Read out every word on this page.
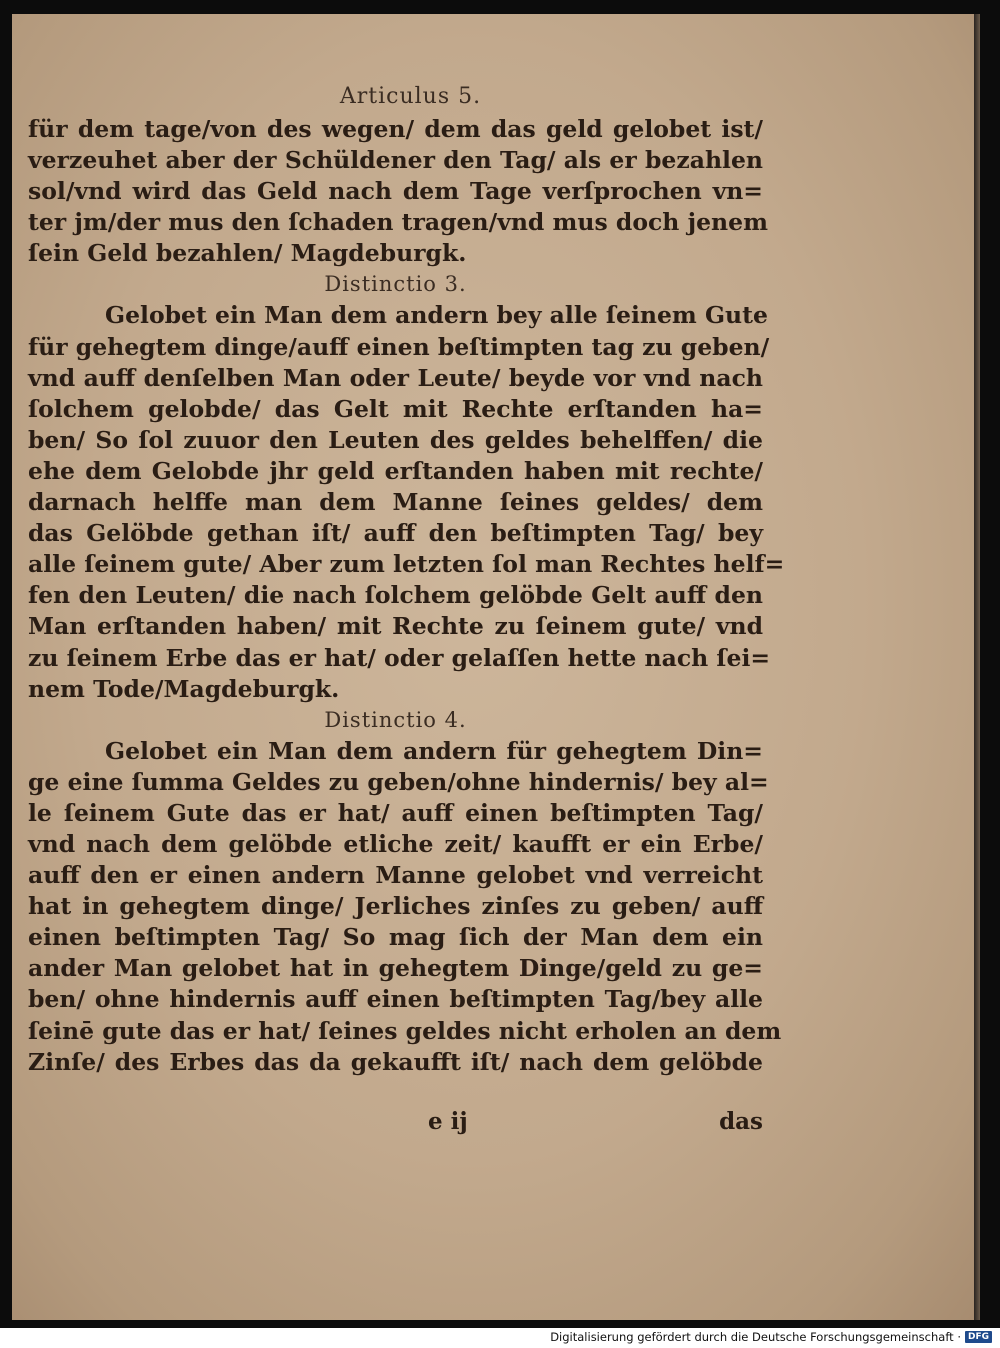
Articulus 5.
für dem tage/von des wegen/ dem das geld gelobet ist/
verzeuhet aber der Schüldener den Tag/ als er bezahlen
sol/vnd wird das Geld nach dem Tage verſprochen vn=
ter jm/der mus den ſchaden tragen/vnd mus doch jenem
ſein Geld bezahlen/ Magdeburgk.
Distinctio 3.
Gelobet ein Man dem andern bey alle ſeinem Gute
für gehegtem dinge/auff einen beſtimpten tag zu geben/
vnd auff denſelben Man oder Leute/ beyde vor vnd nach
ſolchem gelobde/ das Gelt mit Rechte erſtanden ha=
ben/ So ſol zuuor den Leuten des geldes behelffen/ die
ehe dem Gelobde jhr geld erſtanden haben mit rechte/
darnach helffe man dem Manne ſeines geldes/ dem
das Gelöbde gethan iſt/ auff den beſtimpten Tag/ bey
alle ſeinem gute/ Aber zum letzten ſol man Rechtes helf=
fen den Leuten/ die nach ſolchem gelöbde Gelt auff den
Man erſtanden haben/ mit Rechte zu ſeinem gute/ vnd
zu ſeinem Erbe das er hat/ oder gelaſſen hette nach ſei=
nem Tode/Magdeburgk.
Distinctio 4.
Gelobet ein Man dem andern für gehegtem Din=
ge eine ſumma Geldes zu geben/ohne hindernis/ bey al=
le ſeinem Gute das er hat/ auff einen beſtimpten Tag/
vnd nach dem gelöbde etliche zeit/ kaufft er ein Erbe/
auff den er einen andern Manne gelobet vnd verreicht
hat in gehegtem dinge/ Jerliches zinſes zu geben/ auff
einen beſtimpten Tag/ So mag ſich der Man dem ein
ander Man gelobet hat in gehegtem Dinge/geld zu ge=
ben/ ohne hindernis auff einen beſtimpten Tag/bey alle
ſeinē gute das er hat/ ſeines geldes nicht erholen an dem
Zinſe/ des Erbes das da gekaufft iſt/ nach dem gelöbde
e ij	das
Digitalisierung gefördert durch die Deutsche Forschungsgemeinschaft · DFG
